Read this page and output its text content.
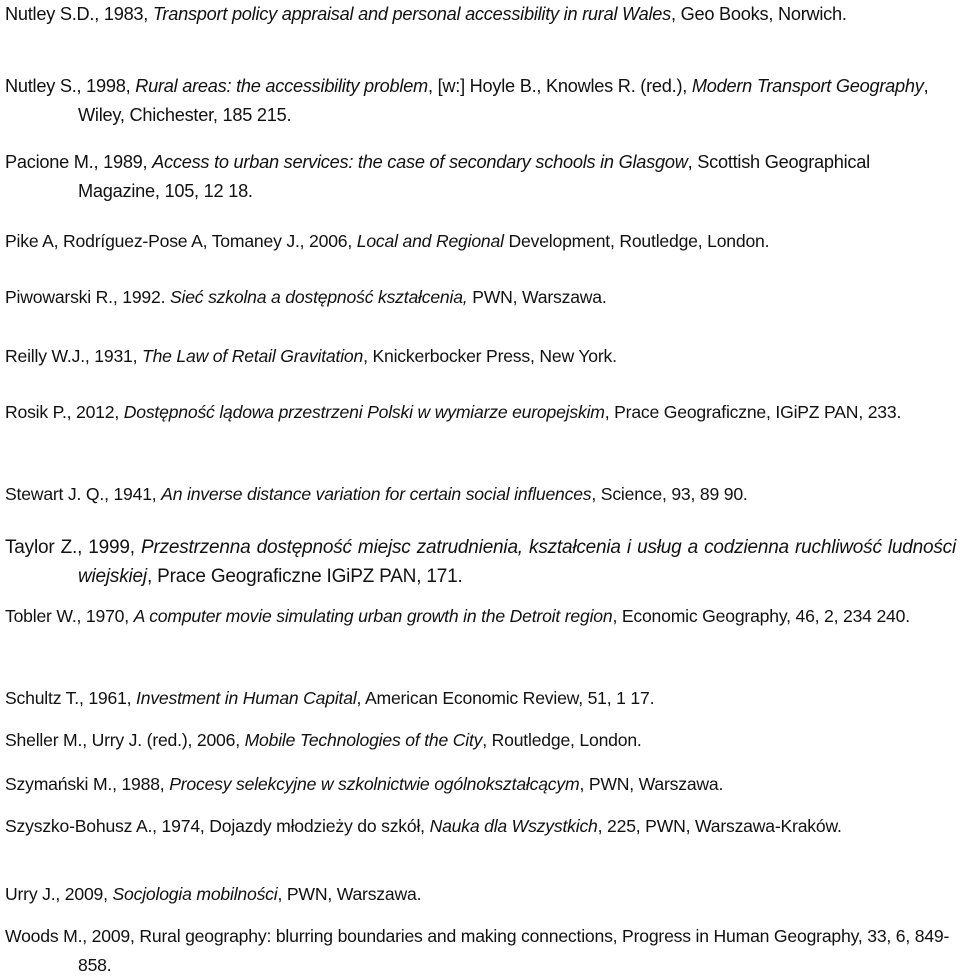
Nutley S.D., 1983, Transport policy appraisal and personal accessibility in rural Wales, Geo Books, Norwich.

Nutley S., 1998, Rural areas: the accessibility problem, [w:] Hoyle B., Knowles R. (red.), Modern Transport Geography, Wiley, Chichester, 185 215.

Pacione M., 1989, Access to urban services: the case of secondary schools in Glasgow, Scottish Geographical Magazine, 105, 12 18.

Pike A, Rodríguez-Pose A, Tomaney J., 2006, Local and Regional Development, Routledge, London.

Piwowarski R., 1992. Sieć szkolna a dostępność kształcenia, PWN, Warszawa.

Reilly W.J., 1931, The Law of Retail Gravitation, Knickerbocker Press, New York.

Rosik P., 2012, Dostępność lądowa przestrzeni Polski w wymiarze europejskim, Prace Geograficzne, IGiPZ PAN, 233.

Stewart J. Q., 1941, An inverse distance variation for certain social influences, Science, 93, 89 90.

Taylor Z., 1999, Przestrzenna dostępność miejsc zatrudnienia, kształcenia i usług a codzienna ruchliwość ludności wiejskiej, Prace Geograficzne IGiPZ PAN, 171.

Tobler W., 1970, A computer movie simulating urban growth in the Detroit region, Economic Geography, 46, 2, 234 240.

Schultz T., 1961, Investment in Human Capital, American Economic Review, 51, 1 17.

Sheller M., Urry J. (red.), 2006, Mobile Technologies of the City, Routledge, London.

Szymański M., 1988, Procesy selekcyjne w szkolnictwie ogólnokształcącym, PWN, Warszawa.

Szyszko-Bohusz A., 1974, Dojazdy młodzieży do szkół, Nauka dla Wszystkich, 225, PWN, Warszawa-Kraków.

Urry J., 2009, Socjologia mobilności, PWN, Warszawa.

Woods M., 2009, Rural geography: blurring boundaries and making connections, Progress in Human Geography, 33, 6, 849-858.
